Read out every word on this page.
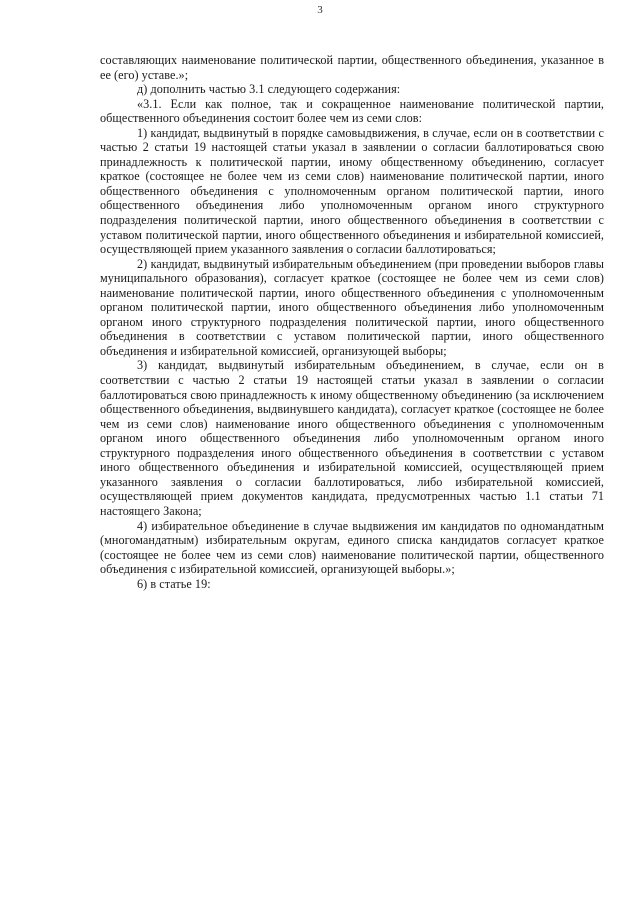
3

составляющих наименование политической партии, общественного объединения, указанное в ее (его) уставе.»;

д) дополнить частью 3.1 следующего содержания:

«3.1. Если как полное, так и сокращенное наименование политической партии, общественного объединения состоит более чем из семи слов:

1) кандидат, выдвинутый в порядке самовыдвижения, в случае, если он в соответствии с частью 2 статьи 19 настоящей статьи указал в заявлении о согласии баллотироваться свою принадлежность к политической партии, иному общественному объединению, согласует краткое (состоящее не более чем из семи слов) наименование политической партии, иного общественного объединения с уполномоченным органом политической партии, иного общественного объединения либо уполномоченным органом иного структурного подразделения политической партии, иного общественного объединения в соответствии с уставом политической партии, иного общественного объединения и избирательной комиссией, осуществляющей прием указанного заявления о согласии баллотироваться;

2) кандидат, выдвинутый избирательным объединением (при проведении выборов главы муниципального образования), согласует краткое (состоящее не более чем из семи слов) наименование политической партии, иного общественного объединения с уполномоченным органом политической партии, иного общественного объединения либо уполномоченным органом иного структурного подразделения политической партии, иного общественного объединения в соответствии с уставом политической партии, иного общественного объединения и избирательной комиссией, организующей выборы;

3) кандидат, выдвинутый избирательным объединением, в случае, если он в соответствии с частью 2 статьи 19 настоящей статьи указал в заявлении о согласии баллотироваться свою принадлежность к иному общественному объединению (за исключением общественного объединения, выдвинувшего кандидата), согласует краткое (состоящее не более чем из семи слов) наименование иного общественного объединения с уполномоченным органом иного общественного объединения либо уполномоченным органом иного структурного подразделения иного общественного объединения в соответствии с уставом иного общественного объединения и избирательной комиссией, осуществляющей прием указанного заявления о согласии баллотироваться, либо избирательной комиссией, осуществляющей прием документов кандидата, предусмотренных частью 1.1 статьи 71 настоящего Закона;

4) избирательное объединение в случае выдвижения им кандидатов по одномандатным (многомандатным) избирательным округам, единого списка кандидатов согласует краткое (состоящее не более чем из семи слов) наименование политической партии, общественного объединения с избирательной комиссией, организующей выборы.»;

6) в статье 19:
